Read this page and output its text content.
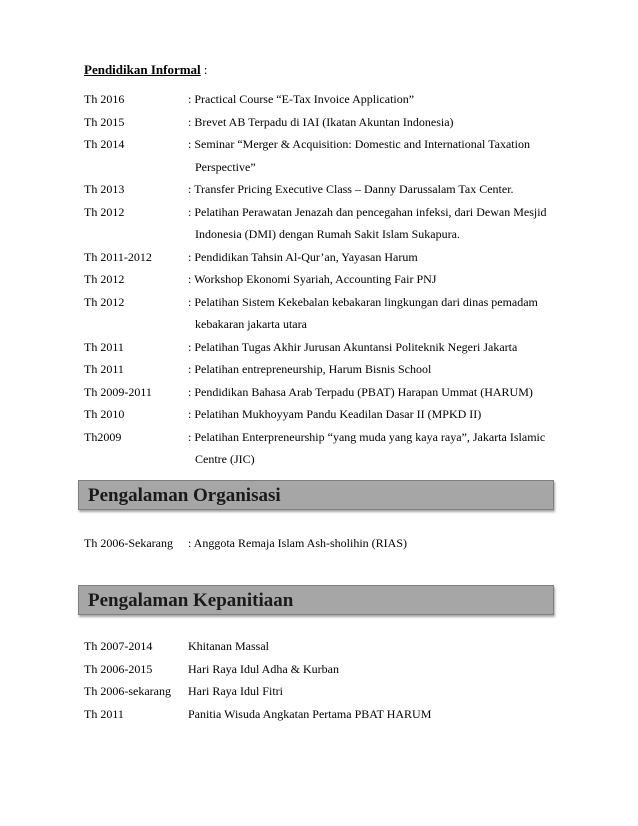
Pendidikan Informal :
Th 2016	: Practical Course “E-Tax Invoice Application”
Th 2015	: Brevet AB Terpadu di IAI (Ikatan Akuntan Indonesia)
Th 2014	: Seminar “Merger & Acquisition: Domestic and International Taxation
Perspective”
Th 2013	: Transfer Pricing Executive Class – Danny Darussalam Tax Center.
Th 2012	: Pelatihan Perawatan Jenazah dan pencegahan infeksi, dari Dewan Mesjid
Indonesia (DMI) dengan Rumah Sakit Islam Sukapura.
Th 2011-2012	: Pendidikan Tahsin Al-Qur’an, Yayasan Harum
Th 2012	: Workshop Ekonomi Syariah, Accounting Fair PNJ
Th 2012	: Pelatihan Sistem Kekebalan kebakaran lingkungan dari dinas pemadam
kebakaran jakarta utara
Th 2011	: Pelatihan Tugas Akhir Jurusan Akuntansi Politeknik Negeri Jakarta
Th 2011	: Pelatihan entrepreneurship, Harum Bisnis School
Th 2009-2011	: Pendidikan Bahasa Arab Terpadu (PBAT) Harapan Ummat (HARUM)
Th 2010	: Pelatihan Mukhoyyam Pandu Keadilan Dasar II (MPKD II)
Th2009	: Pelatihan Enterpreneurship “yang muda yang kaya raya”, Jakarta Islamic
Centre (JIC)
Pengalaman Organisasi
Th 2006-Sekarang	: Anggota Remaja Islam Ash-sholihin (RIAS)
Pengalaman Kepanitiaan
Th 2007-2014	Khitanan Massal
Th 2006-2015	Hari Raya Idul Adha & Kurban
Th 2006-sekarang	Hari Raya Idul Fitri
Th 2011	Panitia Wisuda Angkatan Pertama PBAT HARUM
